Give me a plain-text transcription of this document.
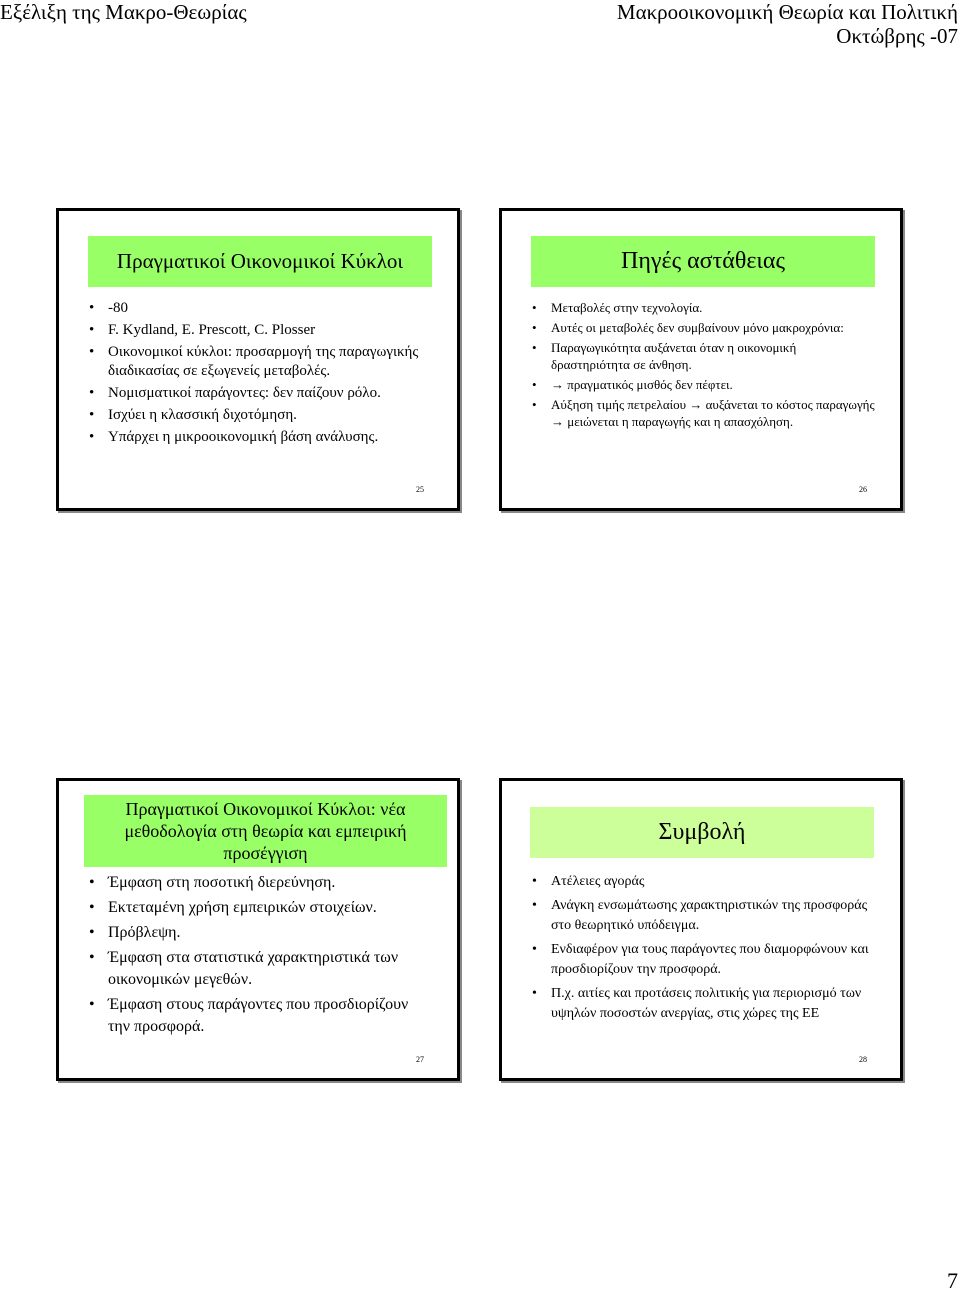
Εξέλιξη της Μακρο-Θεωρίας	Μακροοικονομική Θεωρία και Πολιτική
Οκτώβρης -07
Πραγματικοί Οικονομικοί Κύκλοι
• -80
• F. Kydland, E. Prescott, C. Plosser
• Οικονομικοί κύκλοι: προσαρμογή της παραγωγικής διαδικασίας σε εξωγενείς μεταβολές.
• Νομισματικοί παράγοντες: δεν παίζουν ρόλο.
• Ισχύει η κλασσική διχοτόμηση.
• Υπάρχει η μικροοικονομική βάση ανάλυσης.
25
Πηγές αστάθειας
• Μεταβολές στην τεχνολογία.
• Αυτές οι μεταβολές δεν συμβαίνουν μόνο μακροχρόνια:
• Παραγωγικότητα αυξάνεται όταν η οικονομική δραστηριότητα σε άνθηση.
• → πραγματικός μισθός δεν πέφτει.
• Αύξηση τιμής πετρελαίου → αυξάνεται το κόστος παραγωγής → μειώνεται η παραγωγής και η απασχόληση.
26
Πραγματικοί Οικονομικοί Κύκλοι: νέα μεθοδολογία στη θεωρία και εμπειρική προσέγγιση
• Έμφαση στη ποσοτική διερεύνηση.
• Εκτεταμένη χρήση εμπειρικών στοιχείων.
• Πρόβλεψη.
• Έμφαση στα στατιστικά χαρακτηριστικά των οικονομικών μεγεθών.
• Έμφαση στους παράγοντες που προσδιορίζουν την προσφορά.
27
Συμβολή
• Ατέλειες αγοράς
• Ανάγκη ενσωμάτωσης χαρακτηριστικών της προσφοράς στο θεωρητικό υπόδειγμα.
• Ενδιαφέρον για τους παράγοντες που διαμορφώνουν και προσδιορίζουν την προσφορά.
• Π.χ. αιτίες και προτάσεις πολιτικής για περιορισμό των υψηλών ποσοστών ανεργίας, στις χώρες της ΕΕ
28
7
